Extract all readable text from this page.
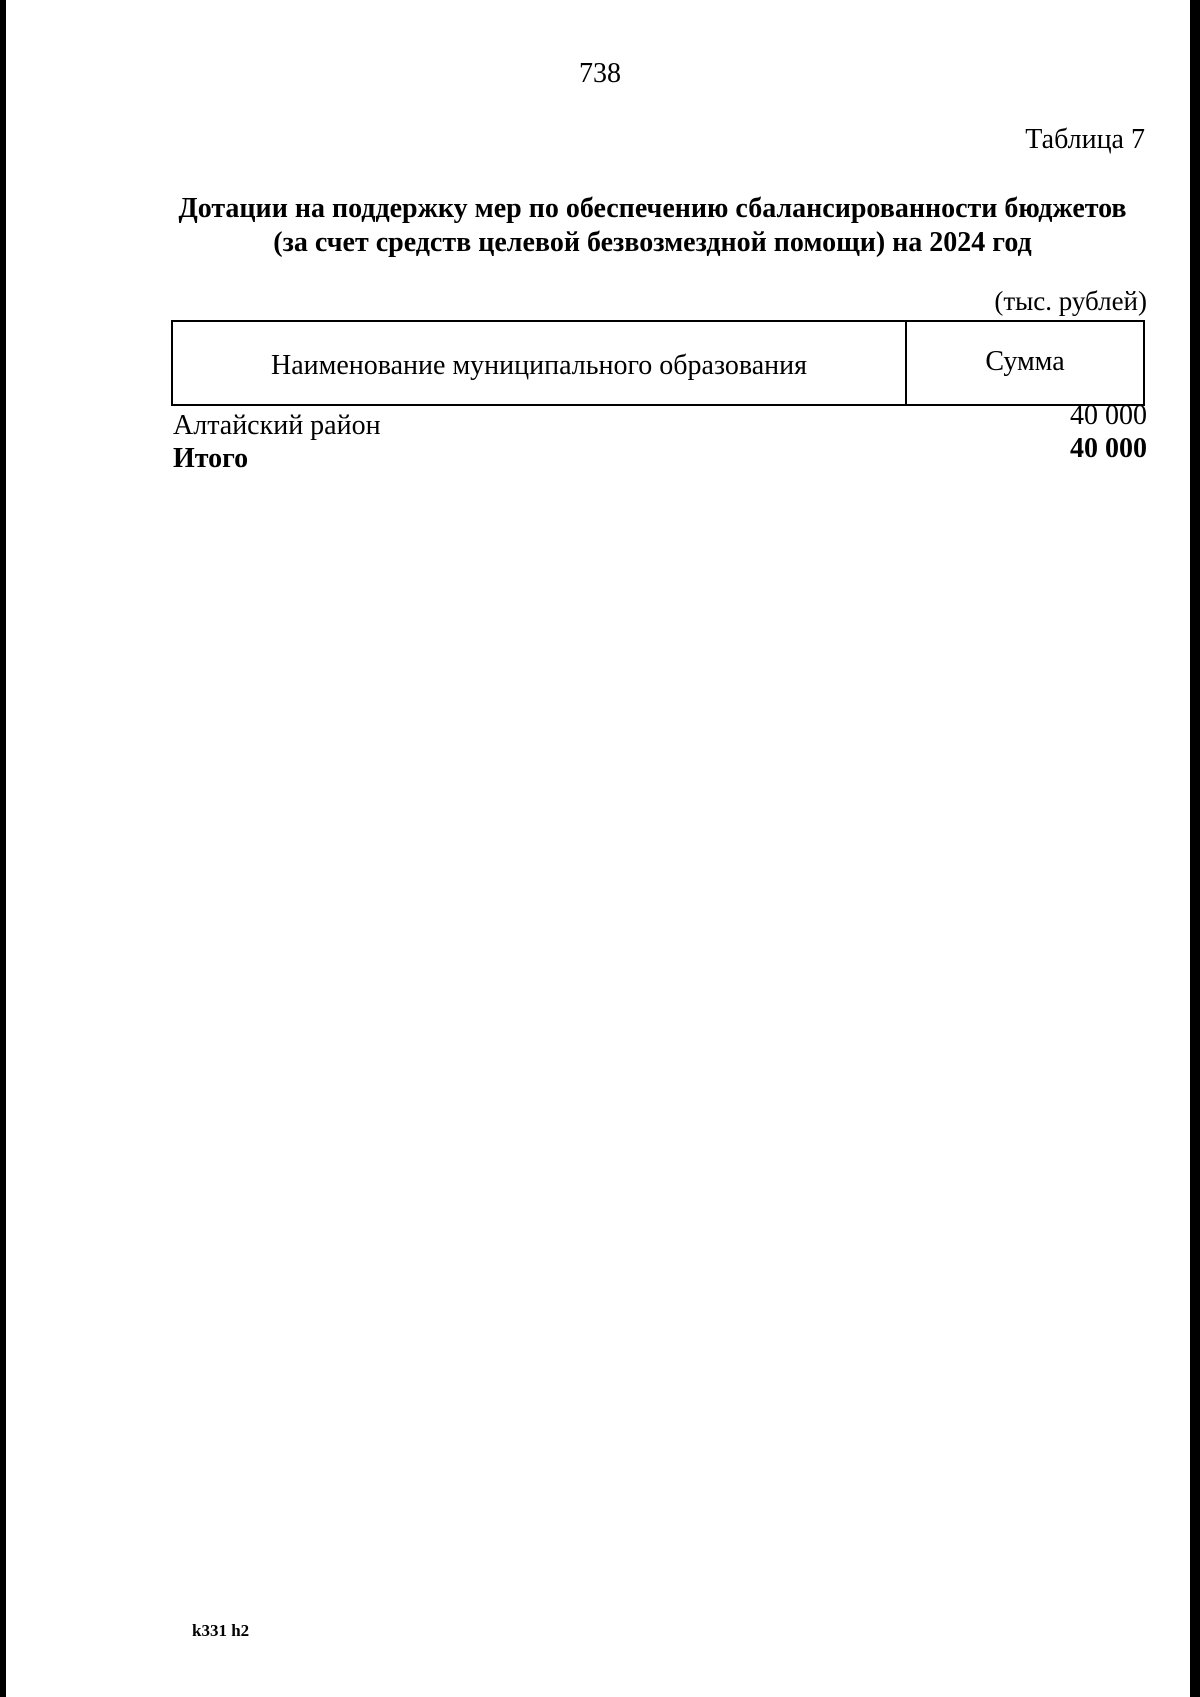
738
Таблица 7
Дотации на поддержку мер по обеспечению сбалансированности бюджетов
(за счет средств целевой безвозмездной помощи) на 2024 год
(тыс. рублей)
Наименование муниципального образования	Сумма
Алтайский район	40 000
Итого	40 000
k331 h2
